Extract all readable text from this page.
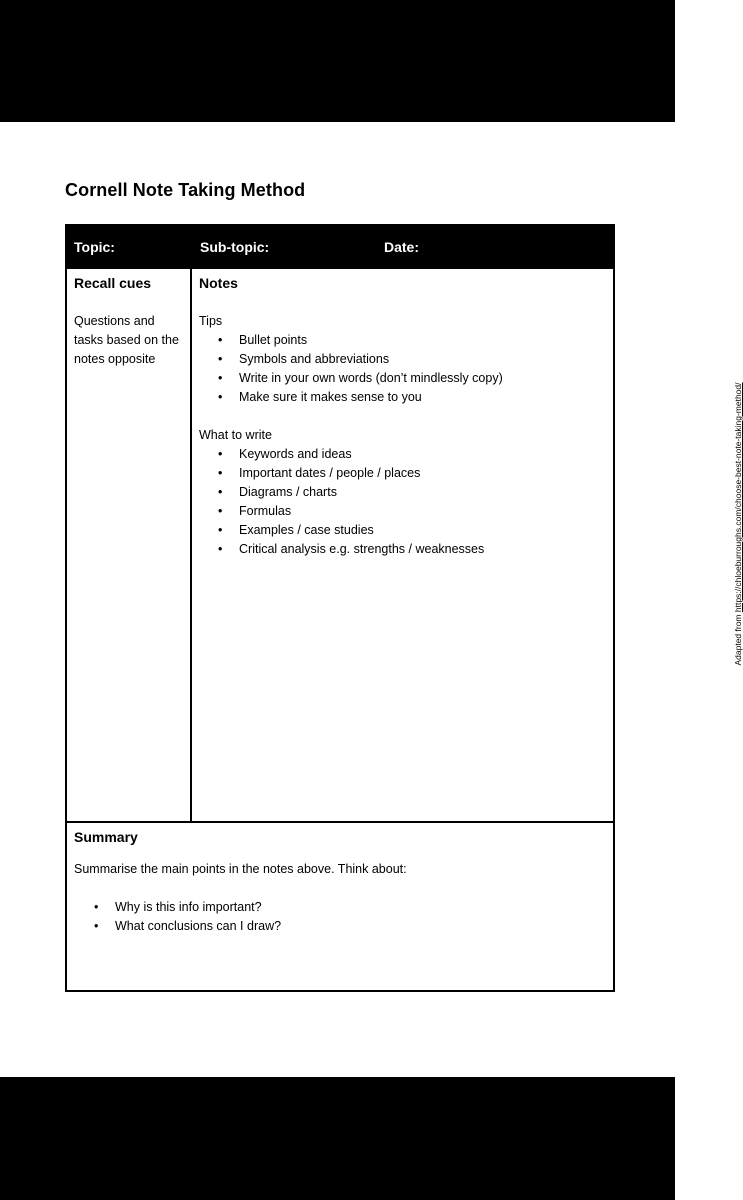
Cornell Note Taking Method
Topic:	Sub-topic:	Date:
Recall cues
Questions and tasks based on the notes opposite
Notes

Tips

• Bullet points
• Symbols and abbreviations
• Write in your own words (don’t mindlessly copy)
• Make sure it makes sense to you

What to write

• Keywords and ideas
• Important dates / people / places
• Diagrams / charts
• Formulas
• Examples / case studies
• Critical analysis e.g. strengths / weaknesses
Adapted from https://chloeburroughs.com/choose-best-note-taking-method/
Summary

Summarise the main points in the notes above. Think about:

• Why is this info important?
• What conclusions can I draw?
